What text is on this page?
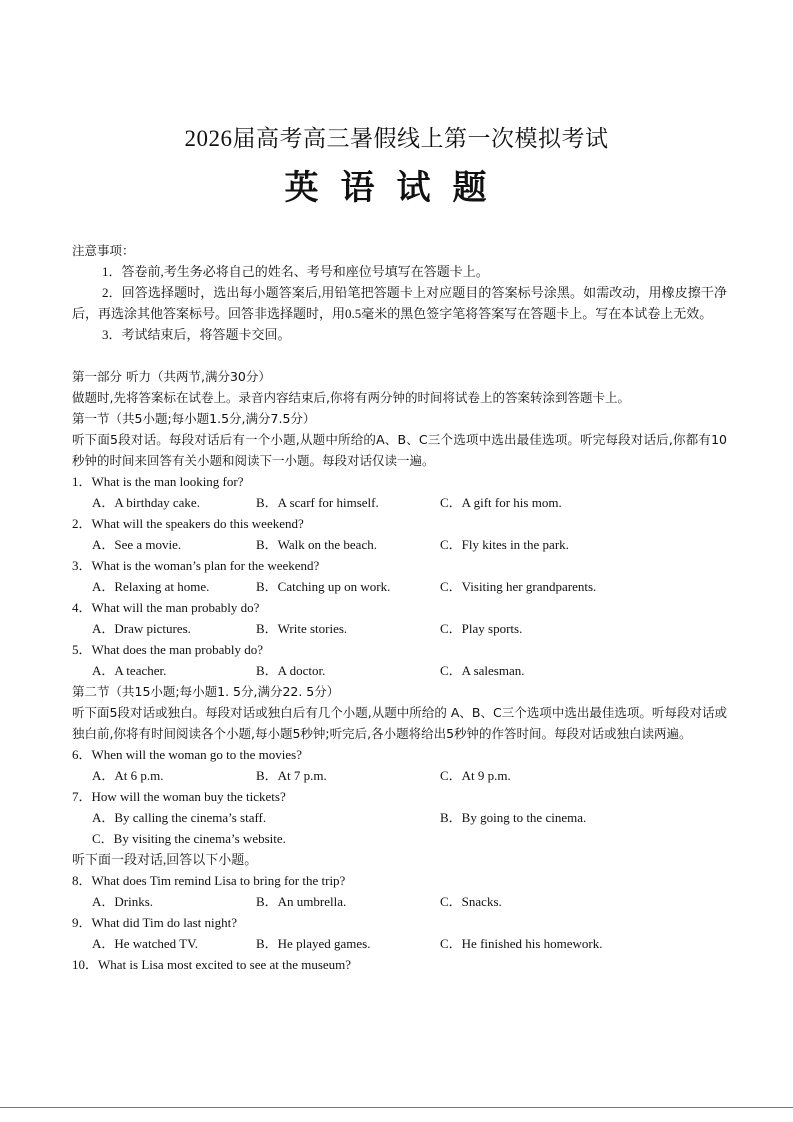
2026届高考高三暑假线上第一次模拟考试
英语试题
注意事项：
1．答卷前,考生务必将自己的姓名、考号和座位号填写在答题卡上。
2．回答选择题时，选出每小题答案后,用铅笔把答题卡上对应题目的答案标号涂黑。如需改动，用橡皮擦干净后，再选涂其他答案标号。回答非选择题时，用0.5毫米的黑色签字笔将答案写在答题卡上。写在本试卷上无效。
3．考试结束后，将答题卡交回。
第一部分 听力（共两节,满分30分）
做题时,先将答案标在试卷上。录音内容结束后,你将有两分钟的时间将试卷上的答案转涂到答题卡上。
第一节（共5小题;每小题1.5分,满分7.5分）
听下面5段对话。每段对话后有一个小题,从题中所给的A、B、C三个选项中选出最佳选项。听完每段对话后,你都有10秒钟的时间来回答有关小题和阅读下一小题。每段对话仅读一遍。
1．What is the man looking for?
A．A birthday cake.	B．A scarf for himself.	C．A gift for his mom.
2．What will the speakers do this weekend?
A．See a movie.	B．Walk on the beach.	C．Fly kites in the park.
3．What is the woman’s plan for the weekend?
A．Relaxing at home.	B．Catching up on work.	C．Visiting her grandparents.
4．What will the man probably do?
A．Draw pictures.	B．Write stories.	C．Play sports.
5．What does the man probably do?
A．A teacher.	B．A doctor.	C．A salesman.
第二节（共15小题;每小题1. 5分,满分22. 5分）
听下面5段对话或独白。每段对话或独白后有几个小题,从题中所给的 A、B、C三个选项中选出最佳选项。听每段对话或独白前,你将有时间阅读各个小题,每小题5秒钟;听完后,各小题将给出5秒钟的作答时间。每段对话或独白读两遍。
6．When will the woman go to the movies?
A．At 6 p.m.	B．At 7 p.m.	C．At 9 p.m.
7．How will the woman buy the tickets?
A．By calling the cinema’s staff.	B．By going to the cinema.
C．By visiting the cinema’s website.
听下面一段对话,回答以下小题。
8．What does Tim remind Lisa to bring for the trip?
A．Drinks.	B．An umbrella.	C．Snacks.
9．What did Tim do last night?
A．He watched TV.	B．He played games.	C．He finished his homework.
10．What is Lisa most excited to see at the museum?
